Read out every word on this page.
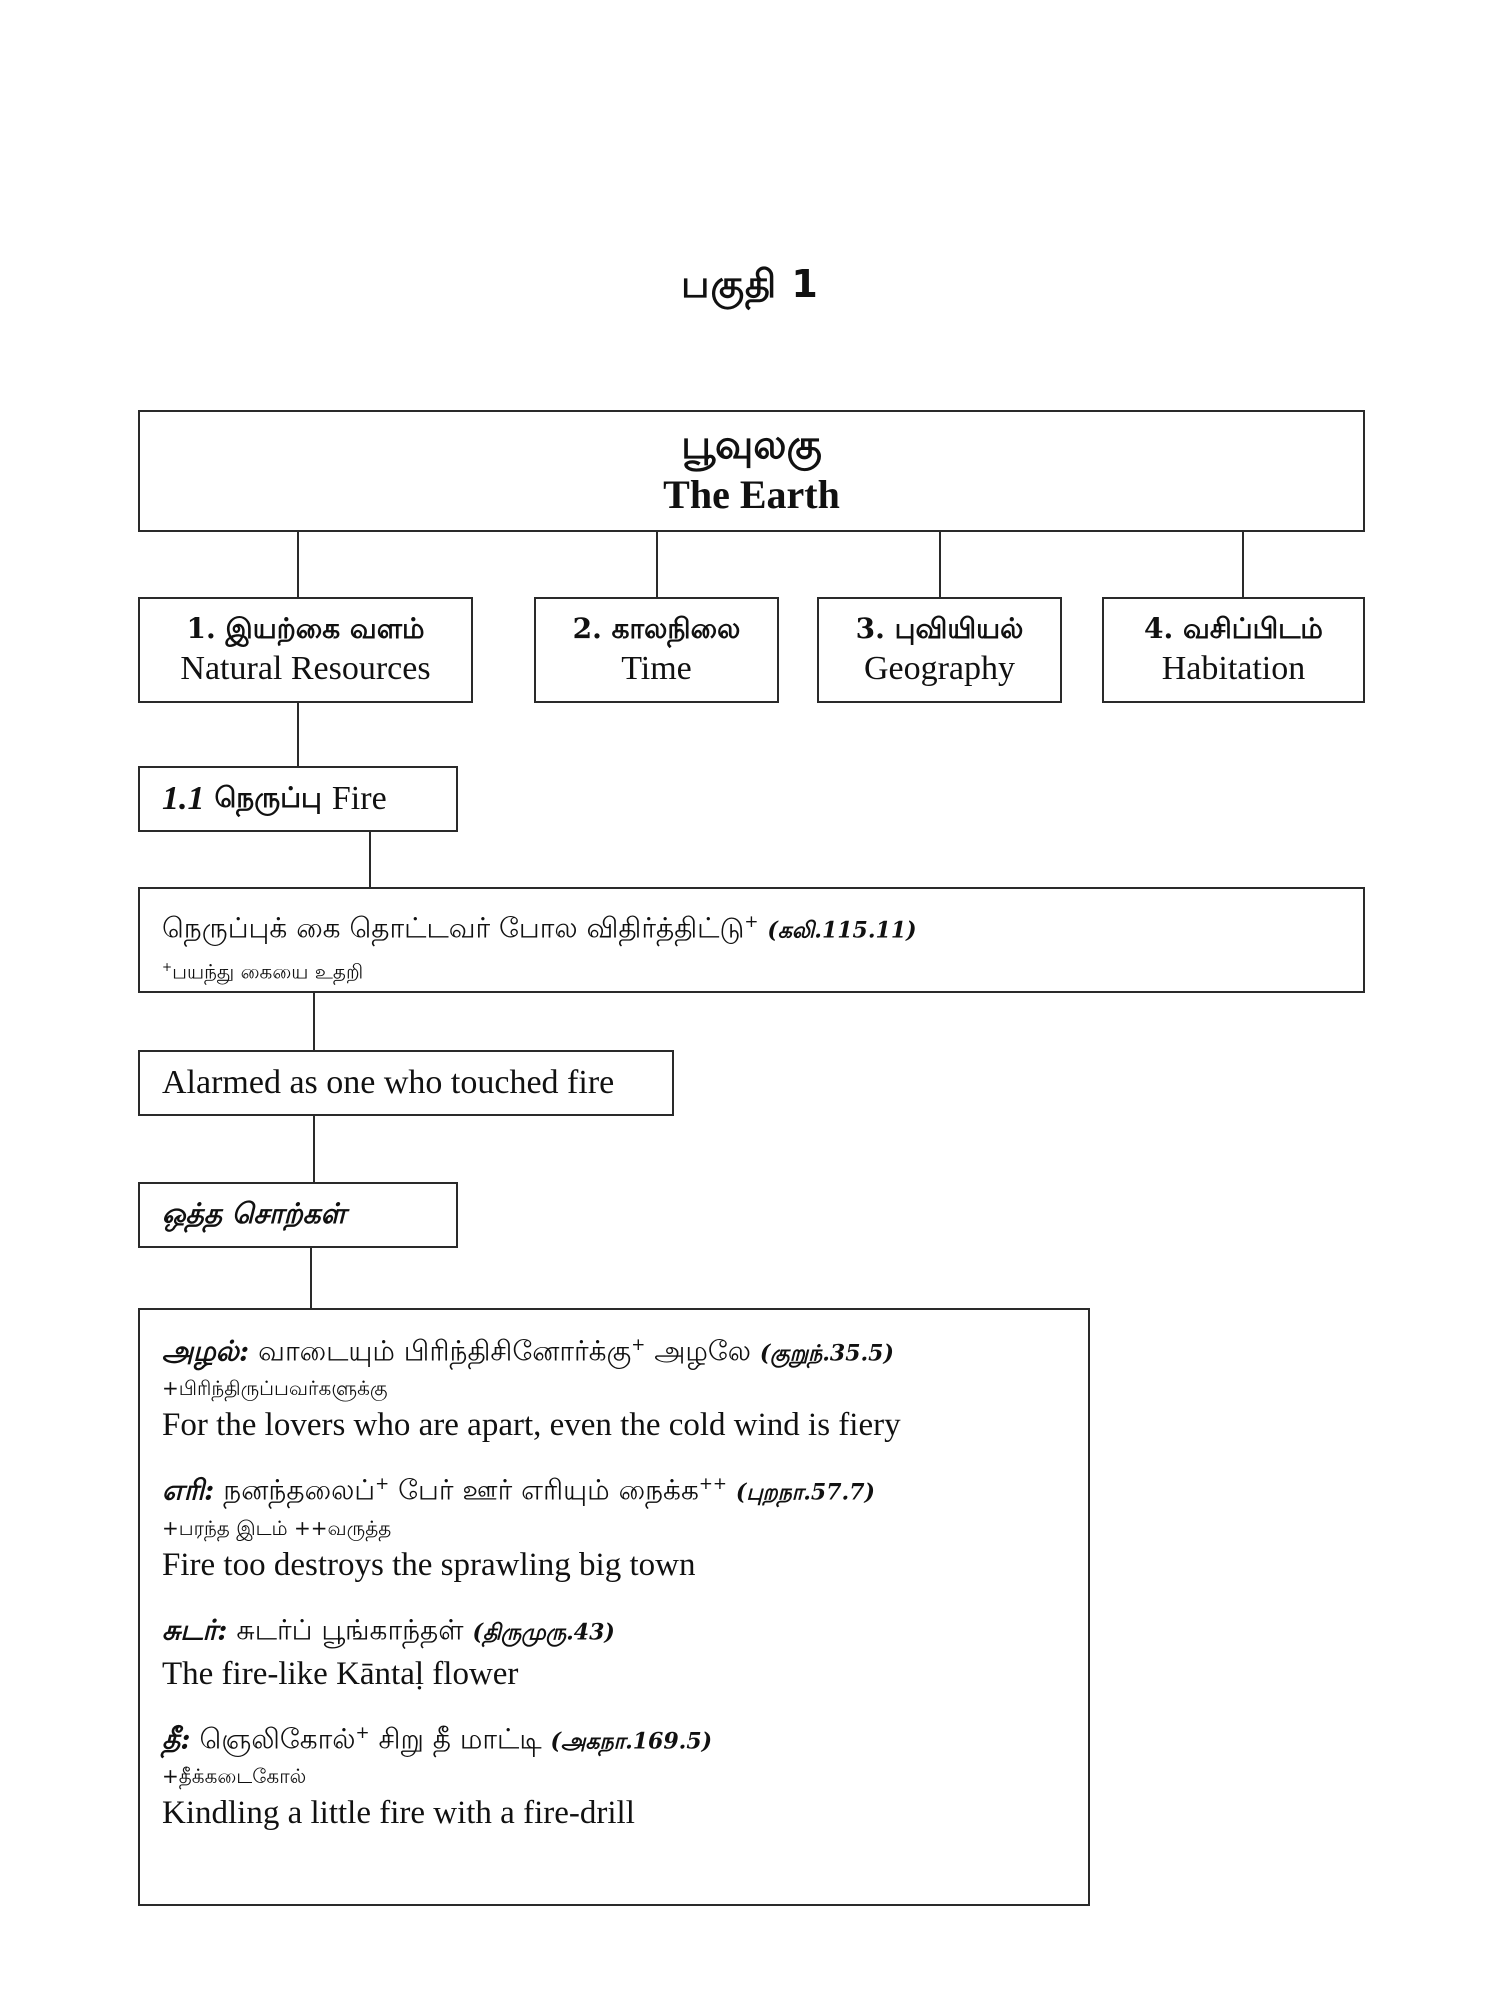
பகுதி 1
பூவுலகு
The Earth
1. இயற்கை வளம்
Natural Resources
2. காலநிலை
Time
3. புவியியல்
Geography
4. வசிப்பிடம்
Habitation
1.1 நெருப்பு Fire
நெருப்புக் கை தொட்டவர் போல விதிர்த்திட்டு+ (கலி.115.11)
+பயந்து கையை உதறி
Alarmed as one who touched fire
ஒத்த சொற்கள்
அழல்: வாடையும் பிரிந்திசினோர்க்கு+ அழலே (குறுந்.35.5)
+பிரிந்திருப்பவர்களுக்கு
For the lovers who are apart, even the cold wind is fiery
எரி: நனந்தலைப்+ பேர் ஊர் எரியும் நைக்க++ (புறநா.57.7)
+பரந்த இடம் ++வருத்த
Fire too destroys the sprawling big town
சுடர்: சுடர்ப் பூங்காந்தள் (திருமுரு.43)
The fire-like Kāntaḷ flower
தீ: ஞெலிகோல்+ சிறு தீ மாட்டி (அகநா.169.5)
+தீக்கடைகோல்
Kindling a little fire with a fire-drill
